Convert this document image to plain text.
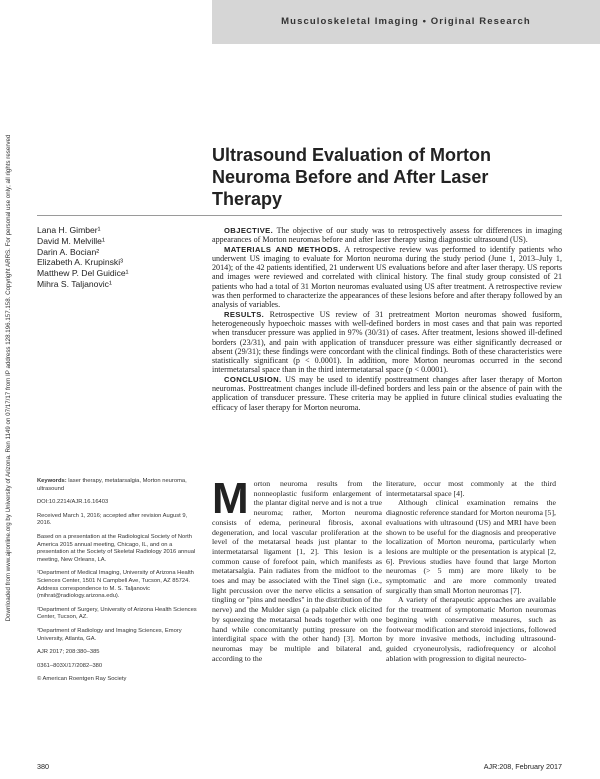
Musculoskeletal Imaging • Original Research
Downloaded from www.ajronline.org by University of Arizona. Ren 1149 on 07/17/17 from IP address 128.196.157.158. Copyright ARRS. For personal use only; all rights reserved	Ultrasound Evaluation of Morton Neuroma Before and After Laser Therapy
Lana H. Gimber¹
David M. Melville¹
Darin A. Bocian²
Elizabeth A. Krupinski³
Matthew P. Del Guidice¹
Mihra S. Taljanovic¹

OBJECTIVE. The objective of our study was to retrospectively assess for differences in imaging appearances of Morton neuromas before and after laser therapy using diagnostic ultrasound (US).

MATERIALS AND METHODS. A retrospective review was performed to identify patients who underwent US imaging to evaluate for Morton neuroma during the study period (June 1, 2013–July 1, 2014); of the 42 patients identified, 21 underwent US evaluations before and after laser therapy. US reports and images were reviewed and correlated with clinical history. The final study group consisted of 21 patients who had a total of 31 Morton neuromas evaluated using US after treatment. A retrospective review was then performed to characterize the appearances of these lesions before and after therapy followed by an analysis of variables.

RESULTS. Retrospective US review of 31 pretreatment Morton neuromas showed fusiform, heterogeneously hypoechoic masses with well-defined borders in most cases and that pain was reported when transducer pressure was applied in 97% (30/31) of cases. After treatment, lesions showed ill-defined borders (23/31), and pain with application of transducer pressure was either significantly decreased or absent (29/31); these findings were concordant with the clinical findings. Both of these characteristics were statistically significant (p < 0.0001). In addition, more Morton neuromas occurred in the second intermetatarsal space than in the third intermetatarsal space (p < 0.0001).

CONCLUSION. US may be used to identify posttreatment changes after laser therapy of Morton neuromas. Posttreatment changes include ill-defined borders and less pain or the absence of pain with the application of transducer pressure. These criteria may be applied in future clinical studies evaluating the efficacy of laser therapy for Morton neuroma.

Keywords: laser therapy, metatarsalgia, Morton neuroma, ultrasound

DOI:10.2214/AJR.16.16403

Received March 1, 2016; accepted after revision August 9, 2016.

Based on a presentation at the Radiological Society of North America 2015 annual meeting, Chicago, IL, and on a presentation at the Society of Skeletal Radiology 2016 annual meeting, New Orleans, LA.

¹Department of Medical Imaging, University of Arizona Health Sciences Center, 1501 N Campbell Ave, Tucson, AZ 85724. Address correspondence to M. S. Taljanovic (mihrat@radiology.arizona.edu).

²Department of Surgery, University of Arizona Health Sciences Center, Tucson, AZ.

³Department of Radiology and Imaging Sciences, Emory University, Atlanta, GA.

AJR 2017; 208:380–385

0361–803X/17/2082–380

© American Roentgen Ray Society

Morton neuroma results from the nonneoplastic fusiform enlargement of the plantar digital nerve and is not a true neuroma; rather, Morton neuroma consists of edema, perineural fibrosis, axonal degeneration, and local vascular proliferation at the level of the metatarsal heads just plantar to the intermetatarsal ligament [1, 2]. This lesion is a common cause of forefoot pain, which manifests as metatarsalgia. Pain radiates from the midfoot to the toes and may be associated with the Tinel sign (i.e., light percussion over the nerve elicits a sensation of tingling or "pins and needles" in the distribution of the nerve) and the Mulder sign (a palpable click elicited by squeezing the metatarsal heads together with one hand while concomitantly putting pressure on the interdigital space with the other hand) [3]. Morton neuromas may be multiple and bilateral and, according to the

literature, occur most commonly at the third intermetatarsal space [4].

Although clinical examination remains the diagnostic reference standard for Morton neuroma [5], evaluations with ultrasound (US) and MRI have been shown to be useful for the diagnosis and preoperative localization of Morton neuroma, particularly when lesions are multiple or the presentation is atypical [2, 6]. Previous studies have found that large Morton neuromas (> 5 mm) are more likely to be symptomatic and are more commonly treated surgically than small Morton neuromas [7].

A variety of therapeutic approaches are available for the treatment of symptomatic Morton neuromas beginning with conservative measures, such as footwear modification and steroid injections, followed by more invasive methods, including ultrasound-guided cryoneurolysis, radiofrequency or alcohol ablation with progression to digital neurecto-

380	AJR:208, February 2017
